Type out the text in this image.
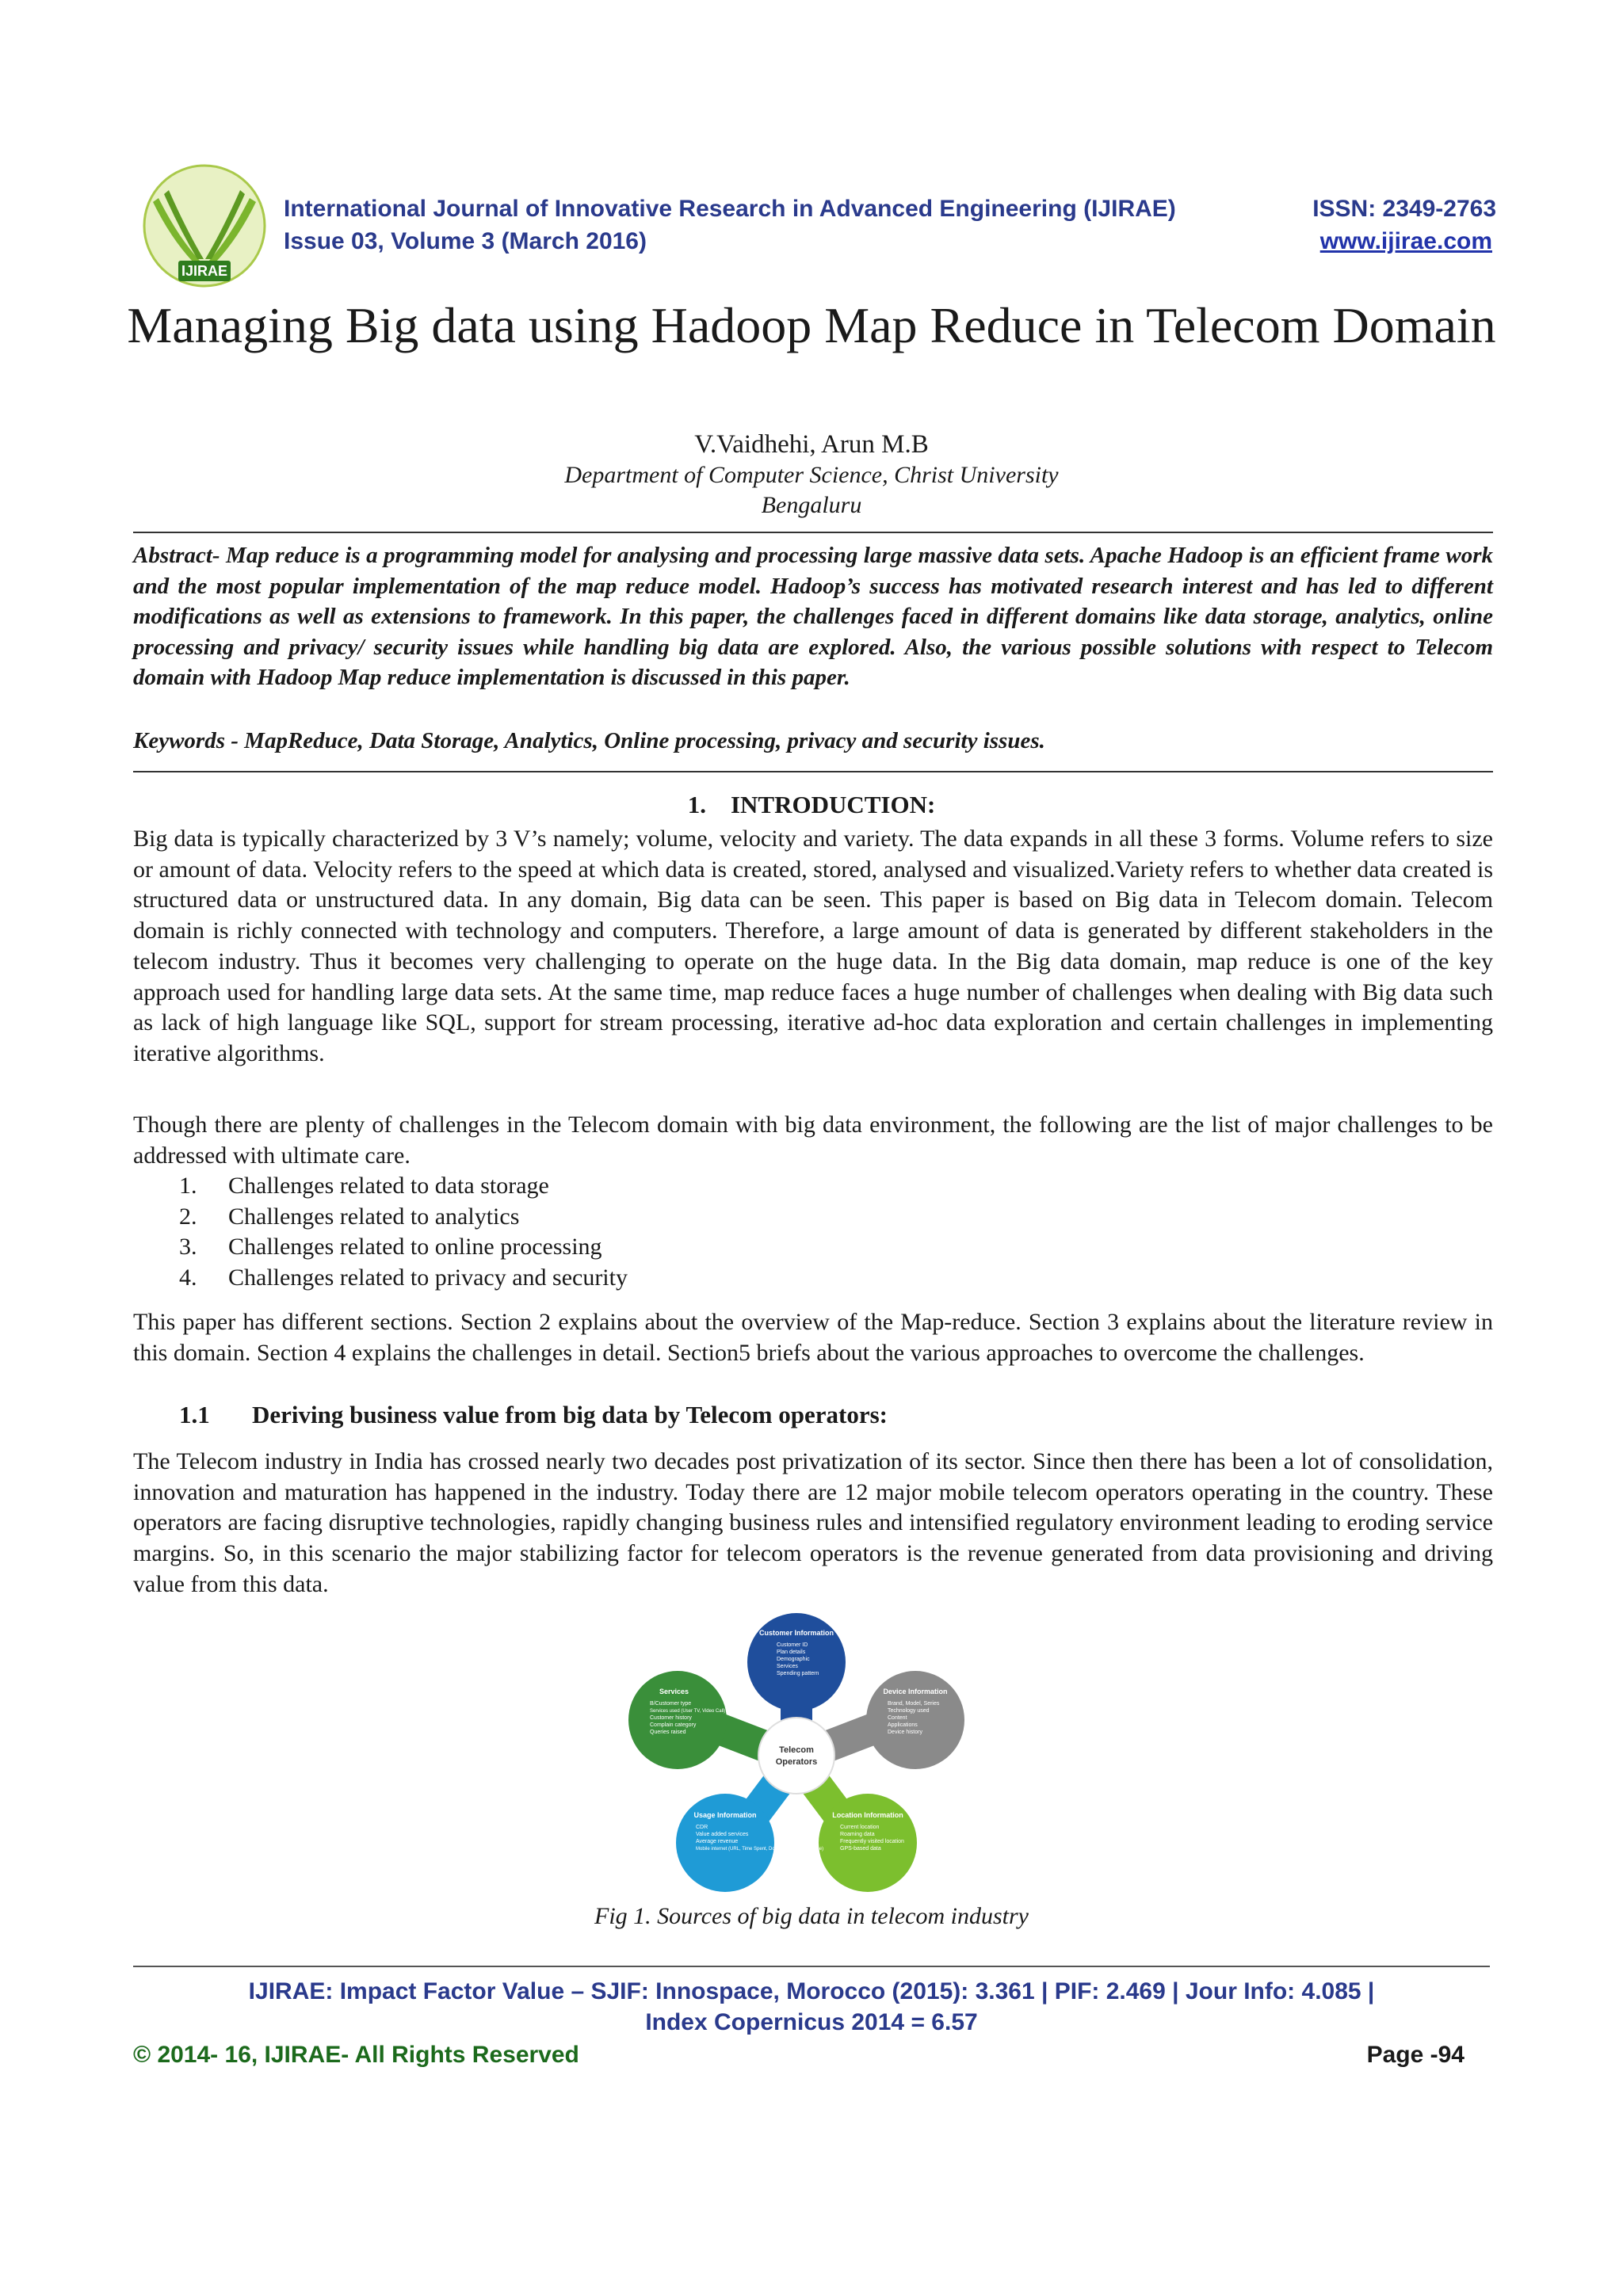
IJIRAE
International Journal of Innovative Research in Advanced Engineering (IJIRAE)
Issue 03, Volume 3 (March 2016)
ISSN: 2349-2763
www.ijirae.com
Managing Big data using Hadoop Map Reduce in Telecom Domain
V.Vaidhehi, Arun M.B
Department of Computer Science, Christ University
Bengaluru

Abstract- Map reduce is a programming model for analysing and processing large massive data sets. Apache Hadoop is an efficient frame work and the most popular implementation of the map reduce model. Hadoop’s success has motivated research interest and has led to different modifications as well as extensions to framework. In this paper, the challenges faced in different domains like data storage, analytics, online processing and privacy/ security issues while handling big data are explored. Also, the various possible solutions with respect to Telecom domain with Hadoop Map reduce implementation is discussed in this paper.

Keywords - MapReduce, Data Storage, Analytics, Online processing, privacy and security issues.

1.    INTRODUCTION:

Big data is typically characterized by 3 V’s namely; volume, velocity and variety. The data expands in all these 3 forms. Volume refers to size or amount of data. Velocity refers to the speed at which data is created, stored, analysed and visualized.Variety refers to whether data created is structured data or unstructured data. In any domain, Big data can be seen. This paper is based on Big data in Telecom domain. Telecom domain is richly connected with technology and computers. Therefore, a large amount of data is generated by different stakeholders in the telecom industry. Thus it becomes very challenging to operate on the huge data. In the Big data domain, map reduce is one of the key approach used for handling large data sets. At the same time, map reduce faces a huge number of challenges when dealing with Big data such as lack of high language like SQL, support for stream processing, iterative ad-hoc data exploration and certain challenges in implementing iterative algorithms.

Though there are plenty of challenges in the Telecom domain with big data environment, the following are the list of major challenges to be addressed with ultimate care.

1. Challenges related to data storage
2. Challenges related to analytics
3. Challenges related to online processing
4. Challenges related to privacy and security

This paper has different sections. Section 2 explains about the overview of the Map-reduce. Section 3 explains about the literature review in this domain. Section 4 explains the challenges in detail. Section5 briefs about the various approaches to overcome the challenges.

1.1 Deriving business value from big data by Telecom operators:

The Telecom industry in India has crossed nearly two decades post privatization of its sector. Since then there has been a lot of consolidation, innovation and maturation has happened in the industry. Today there are 12 major mobile telecom operators operating in the country. These operators are facing disruptive technologies, rapidly changing business rules and intensified regulatory environment leading to eroding service margins. So, in this scenario the major stabilizing factor for telecom operators is the revenue generated from data provisioning and driving value from this data.

Customer Information
Customer ID
Plan details
Demographic
Services
Spending pattern
Device Information
Brand, Model, Series
Technology used
Content
Applications
Device history
Location Information
Current location
Roaming data
Frequently visited location
GPS-based data
Usage Information
CDR
Value added services
Average revenue
Mobile internet (URL, Time Spent, Downloads, Content type)
Services
B/Customer type
Services used (User TV, Video Call)
Customer history
Complain category
Queries raised
Telecom
Operators
Fig 1. Sources of big data in telecom industry
IJIRAE: Impact Factor Value – SJIF: Innospace, Morocco (2015): 3.361 | PIF: 2.469 | Jour Info: 4.085 |
Index Copernicus 2014 = 6.57
© 2014- 16, IJIRAE- All Rights Reserved	Page -94
